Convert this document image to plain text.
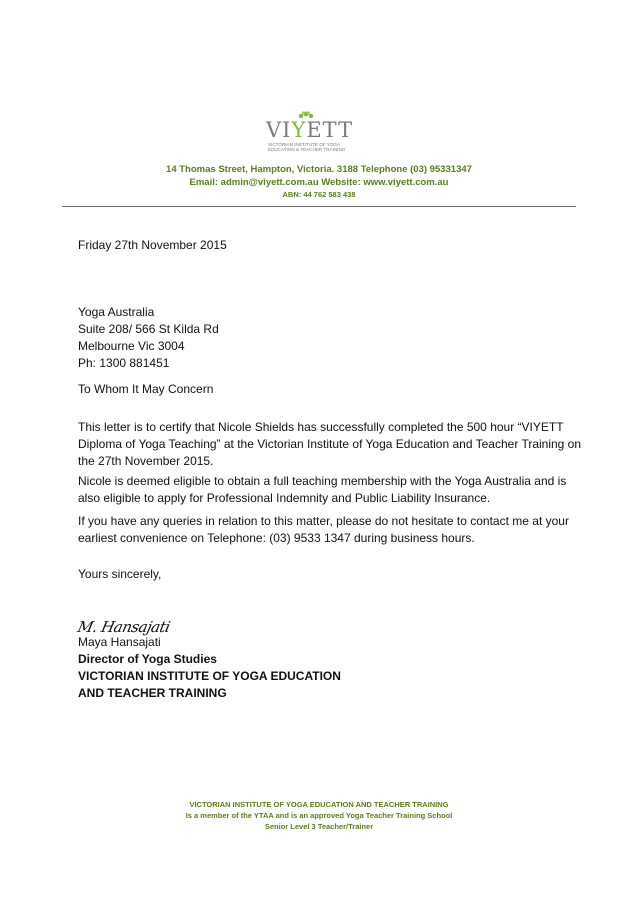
VIYETT
VICTORIAN INSTITUTE OF YOGA
EDUCATION & TEACHER TRAINING
14 Thomas Street, Hampton, Victoria. 3188 Telephone (03) 95331347
Email: admin@viyett.com.au Website: www.viyett.com.au
ABN: 44 762 583 438
Friday 27th November 2015
Yoga Australia
Suite 208/ 566 St Kilda Rd
Melbourne Vic 3004
Ph: 1300 881451
To Whom It May Concern
This letter is to certify that Nicole Shields has successfully completed the 500 hour “VIYETT
Diploma of Yoga Teaching” at the Victorian Institute of Yoga Education and Teacher Training on
the 27th November 2015.
Nicole is deemed eligible to obtain a full teaching membership with the Yoga Australia and is
also eligible to apply for Professional Indemnity and Public Liability Insurance.
If you have any queries in relation to this matter, please do not hesitate to contact me at your
earliest convenience on Telephone: (03) 9533 1347 during business hours.
Yours sincerely,
M. Hansajati
Maya Hansajati
Director of Yoga Studies
VICTORIAN INSTITUTE OF YOGA EDUCATION
AND TEACHER TRAINING
VICTORIAN INSTITUTE OF YOGA EDUCATION AND TEACHER TRAINING
Is a member of the YTAA and is an approved Yoga Teacher Training School
Senior Level 3 Teacher/Trainer
